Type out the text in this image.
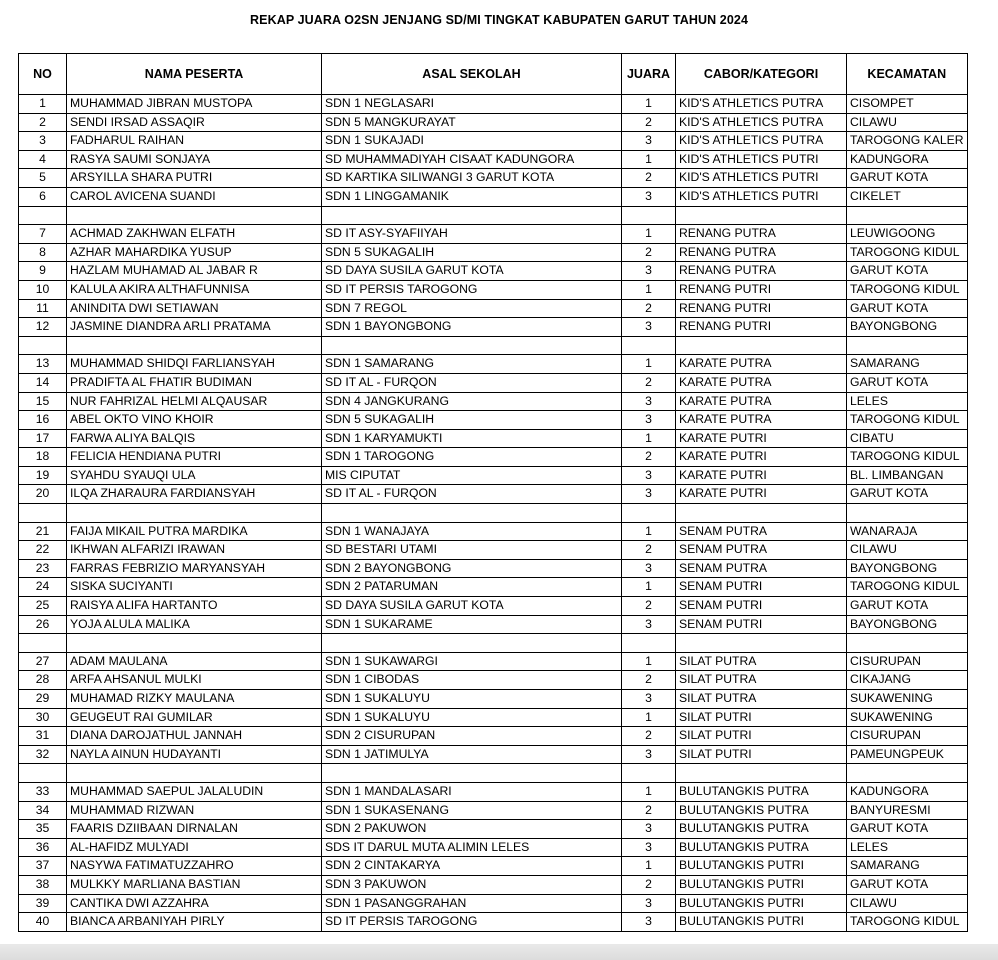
REKAP JUARA O2SN JENJANG SD/MI TINGKAT KABUPATEN GARUT TAHUN 2024
NO	NAMA PESERTA	ASAL SEKOLAH	JUARA	CABOR/KATEGORI	KECAMATAN
1	MUHAMMAD JIBRAN MUSTOPA	SDN 1 NEGLASARI	1	KID'S ATHLETICS PUTRA	CISOMPET
2	SENDI IRSAD ASSAQIR	SDN 5 MANGKURAYAT	2	KID'S ATHLETICS PUTRA	CILAWU
3	FADHARUL RAIHAN	SDN 1 SUKAJADI	3	KID'S ATHLETICS PUTRA	TAROGONG KALER
4	RASYA SAUMI SONJAYA	SD MUHAMMADIYAH CISAAT KADUNGORA	1	KID'S ATHLETICS PUTRI	KADUNGORA
5	ARSYILLA SHARA PUTRI	SD KARTIKA SILIWANGI 3 GARUT KOTA	2	KID'S ATHLETICS PUTRI	GARUT KOTA
6	CAROL AVICENA SUANDI	SDN 1 LINGGAMANIK	3	KID'S ATHLETICS PUTRI	CIKELET

7	ACHMAD ZAKHWAN ELFATH	SD IT ASY-SYAFIIYAH	1	RENANG PUTRA	LEUWIGOONG
8	AZHAR MAHARDIKA YUSUP	SDN 5 SUKAGALIH	2	RENANG PUTRA	TAROGONG KIDUL
9	HAZLAM MUHAMAD AL JABAR R	SD DAYA SUSILA GARUT KOTA	3	RENANG PUTRA	GARUT KOTA
10	KALULA AKIRA ALTHAFUNNISA	SD IT PERSIS TAROGONG	1	RENANG PUTRI	TAROGONG KIDUL
11	ANINDITA DWI SETIAWAN	SDN 7 REGOL	2	RENANG PUTRI	GARUT KOTA
12	JASMINE DIANDRA ARLI PRATAMA	SDN 1 BAYONGBONG	3	RENANG PUTRI	BAYONGBONG

13	MUHAMMAD SHIDQI FARLIANSYAH	SDN 1 SAMARANG	1	KARATE PUTRA	SAMARANG
14	PRADIFTA AL FHATIR BUDIMAN	SD IT AL - FURQON	2	KARATE PUTRA	GARUT KOTA
15	NUR FAHRIZAL HELMI ALQAUSAR	SDN 4 JANGKURANG	3	KARATE PUTRA	LELES
16	ABEL OKTO VINO KHOIR	SDN 5 SUKAGALIH	3	KARATE PUTRA	TAROGONG KIDUL
17	FARWA ALIYA BALQIS	SDN 1 KARYAMUKTI	1	KARATE PUTRI	CIBATU
18	FELICIA HENDIANA PUTRI	SDN 1 TAROGONG	2	KARATE PUTRI	TAROGONG KIDUL
19	SYAHDU SYAUQI ULA	MIS CIPUTAT	3	KARATE PUTRI	BL. LIMBANGAN
20	ILQA ZHARAURA FARDIANSYAH	SD IT AL - FURQON	3	KARATE PUTRI	GARUT KOTA

21	FAIJA MIKAIL PUTRA MARDIKA	SDN 1 WANAJAYA	1	SENAM PUTRA	WANARAJA
22	IKHWAN ALFARIZI IRAWAN	SD BESTARI UTAMI	2	SENAM PUTRA	CILAWU
23	FARRAS FEBRIZIO MARYANSYAH	SDN 2 BAYONGBONG	3	SENAM PUTRA	BAYONGBONG
24	SISKA SUCIYANTI	SDN 2 PATARUMAN	1	SENAM PUTRI	TAROGONG KIDUL
25	RAISYA ALIFA HARTANTO	SD DAYA SUSILA GARUT KOTA	2	SENAM PUTRI	GARUT KOTA
26	YOJA ALULA MALIKA	SDN 1 SUKARAME	3	SENAM PUTRI	BAYONGBONG

27	ADAM MAULANA	SDN 1 SUKAWARGI	1	SILAT PUTRA	CISURUPAN
28	ARFA AHSANUL MULKI	SDN 1 CIBODAS	2	SILAT PUTRA	CIKAJANG
29	MUHAMAD RIZKY MAULANA	SDN 1 SUKALUYU	3	SILAT PUTRA	SUKAWENING
30	GEUGEUT RAI GUMILAR	SDN 1 SUKALUYU	1	SILAT PUTRI	SUKAWENING
31	DIANA DAROJATHUL JANNAH	SDN 2 CISURUPAN	2	SILAT PUTRI	CISURUPAN
32	NAYLA AINUN HUDAYANTI	SDN 1 JATIMULYA	3	SILAT PUTRI	PAMEUNGPEUK

33	MUHAMMAD SAEPUL JALALUDIN	SDN 1 MANDALASARI	1	BULUTANGKIS PUTRA	KADUNGORA
34	MUHAMMAD RIZWAN	SDN 1 SUKASENANG	2	BULUTANGKIS PUTRA	BANYURESMI
35	FAARIS DZIIBAAN DIRNALAN	SDN 2 PAKUWON	3	BULUTANGKIS PUTRA	GARUT KOTA
36	AL-HAFIDZ MULYADI	SDS IT DARUL MUTA ALIMIN LELES	3	BULUTANGKIS PUTRA	LELES
37	NASYWA FATIMATUZZAHRO	SDN 2 CINTAKARYA	1	BULUTANGKIS PUTRI	SAMARANG
38	MULKKY MARLIANA BASTIAN	SDN 3 PAKUWON	2	BULUTANGKIS PUTRI	GARUT KOTA
39	CANTIKA DWI AZZAHRA	SDN 1 PASANGGRAHAN	3	BULUTANGKIS PUTRI	CILAWU
40	BIANCA ARBANIYAH PIRLY	SD IT PERSIS TAROGONG	3	BULUTANGKIS PUTRI	TAROGONG KIDUL
